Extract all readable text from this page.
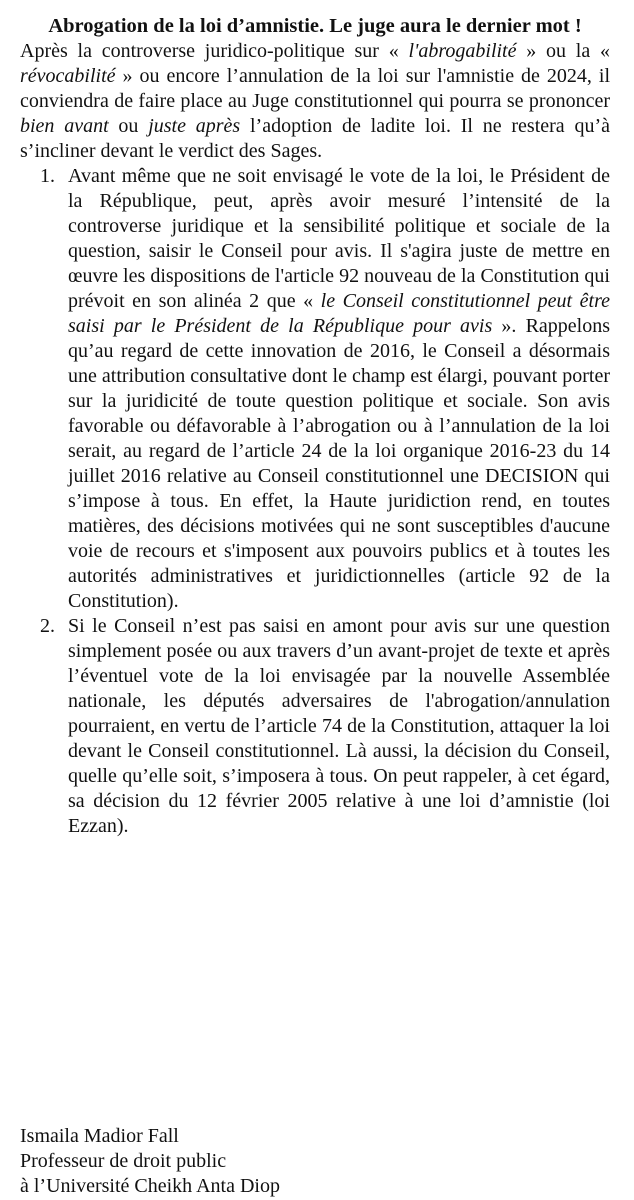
Abrogation de la loi d’amnistie. Le juge aura le dernier mot !

Après la controverse juridico-politique sur « l'abrogabilité » ou la « révocabilité » ou encore l’annulation de la loi sur l'amnistie de 2024, il conviendra de faire place au Juge constitutionnel qui pourra se prononcer bien avant ou juste après l’adoption de ladite loi. Il ne restera qu’à s’incliner devant le verdict des Sages.

1. Avant même que ne soit envisagé le vote de la loi, le Président de la République, peut, après avoir mesuré l’intensité de la controverse juridique et la sensibilité politique et sociale de la question, saisir le Conseil pour avis. Il s'agira juste de mettre en œuvre les dispositions de l'article 92 nouveau de la Constitution qui prévoit en son alinéa 2 que « le Conseil constitutionnel peut être saisi par le Président de la République pour avis ». Rappelons qu’au regard de cette innovation de 2016, le Conseil a désormais une attribution consultative dont le champ est élargi, pouvant porter sur la juridicité de toute question politique et sociale. Son avis favorable ou défavorable à l’abrogation ou à l’annulation de la loi serait, au regard de l’article 24 de la loi organique 2016-23 du 14 juillet 2016 relative au Conseil constitutionnel une DECISION qui s’impose à tous. En effet, la Haute juridiction rend, en toutes matières, des décisions motivées qui ne sont susceptibles d'aucune voie de recours et s'imposent aux pouvoirs publics et à toutes les autorités administratives et juridictionnelles (article 92 de la Constitution).
2. Si le Conseil n’est pas saisi en amont pour avis sur une question simplement posée ou aux travers d’un avant-projet de texte et après l’éventuel vote de la loi envisagée par la nouvelle Assemblée nationale, les députés adversaires de l'abrogation/annulation pourraient, en vertu de l’article 74 de la Constitution, attaquer la loi devant le Conseil constitutionnel. Là aussi, la décision du Conseil, quelle qu’elle soit, s’imposera à tous. On peut rappeler, à cet égard, sa décision du 12 février 2005 relative à une loi d’amnistie (loi Ezzan).
Ismaila Madior Fall
Professeur de droit public
à l’Université Cheikh Anta Diop
